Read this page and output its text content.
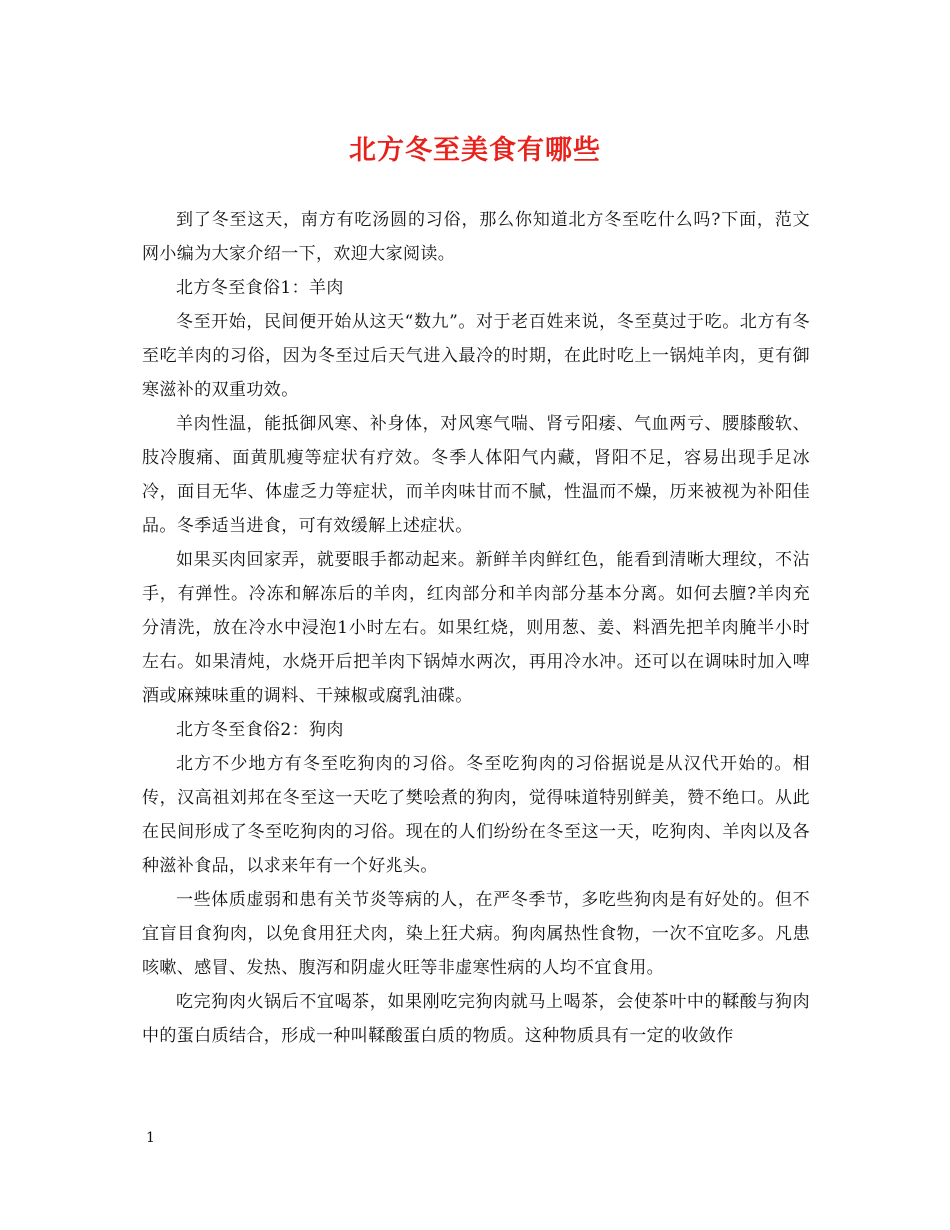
北方冬至美食有哪些

到了冬至这天，南方有吃汤圆的习俗，那么你知道北方冬至吃什么吗?下面，范文网小编为大家介绍一下，欢迎大家阅读。

北方冬至食俗1：羊肉

冬至开始，民间便开始从这天“数九”。对于老百姓来说，冬至莫过于吃。北方有冬至吃羊肉的习俗，因为冬至过后天气进入最冷的时期，在此时吃上一锅炖羊肉，更有御寒滋补的双重功效。

羊肉性温，能抵御风寒、补身体，对风寒气喘、肾亏阳痿、气血两亏、腰膝酸软、肢冷腹痛、面黄肌瘦等症状有疗效。冬季人体阳气内藏，肾阳不足，容易出现手足冰冷，面目无华、体虚乏力等症状，而羊肉味甘而不腻，性温而不燥，历来被视为补阳佳品。冬季适当进食，可有效缓解上述症状。

如果买肉回家弄，就要眼手都动起来。新鲜羊肉鲜红色，能看到清晰大理纹，不沾手，有弹性。冷冻和解冻后的羊肉，红肉部分和羊肉部分基本分离。如何去膻?羊肉充分清洗，放在冷水中浸泡1小时左右。如果红烧，则用葱、姜、料酒先把羊肉腌半小时左右。如果清炖，水烧开后把羊肉下锅焯水两次，再用冷水冲。还可以在调味时加入啤酒或麻辣味重的调料、干辣椒或腐乳油碟。

北方冬至食俗2：狗肉

北方不少地方有冬至吃狗肉的习俗。冬至吃狗肉的习俗据说是从汉代开始的。相传，汉高祖刘邦在冬至这一天吃了樊哙煮的狗肉，觉得味道特别鲜美，赞不绝口。从此在民间形成了冬至吃狗肉的习俗。现在的人们纷纷在冬至这一天，吃狗肉、羊肉以及各种滋补食品，以求来年有一个好兆头。

一些体质虚弱和患有关节炎等病的人，在严冬季节，多吃些狗肉是有好处的。但不宜盲目食狗肉，以免食用狂犬肉，染上狂犬病。狗肉属热性食物，一次不宜吃多。凡患咳嗽、感冒、发热、腹泻和阴虚火旺等非虚寒性病的人均不宜食用。

吃完狗肉火锅后不宜喝茶，如果刚吃完狗肉就马上喝茶，会使茶叶中的鞣酸与狗肉中的蛋白质结合，形成一种叫鞣酸蛋白质的物质。这种物质具有一定的收敛作

1
